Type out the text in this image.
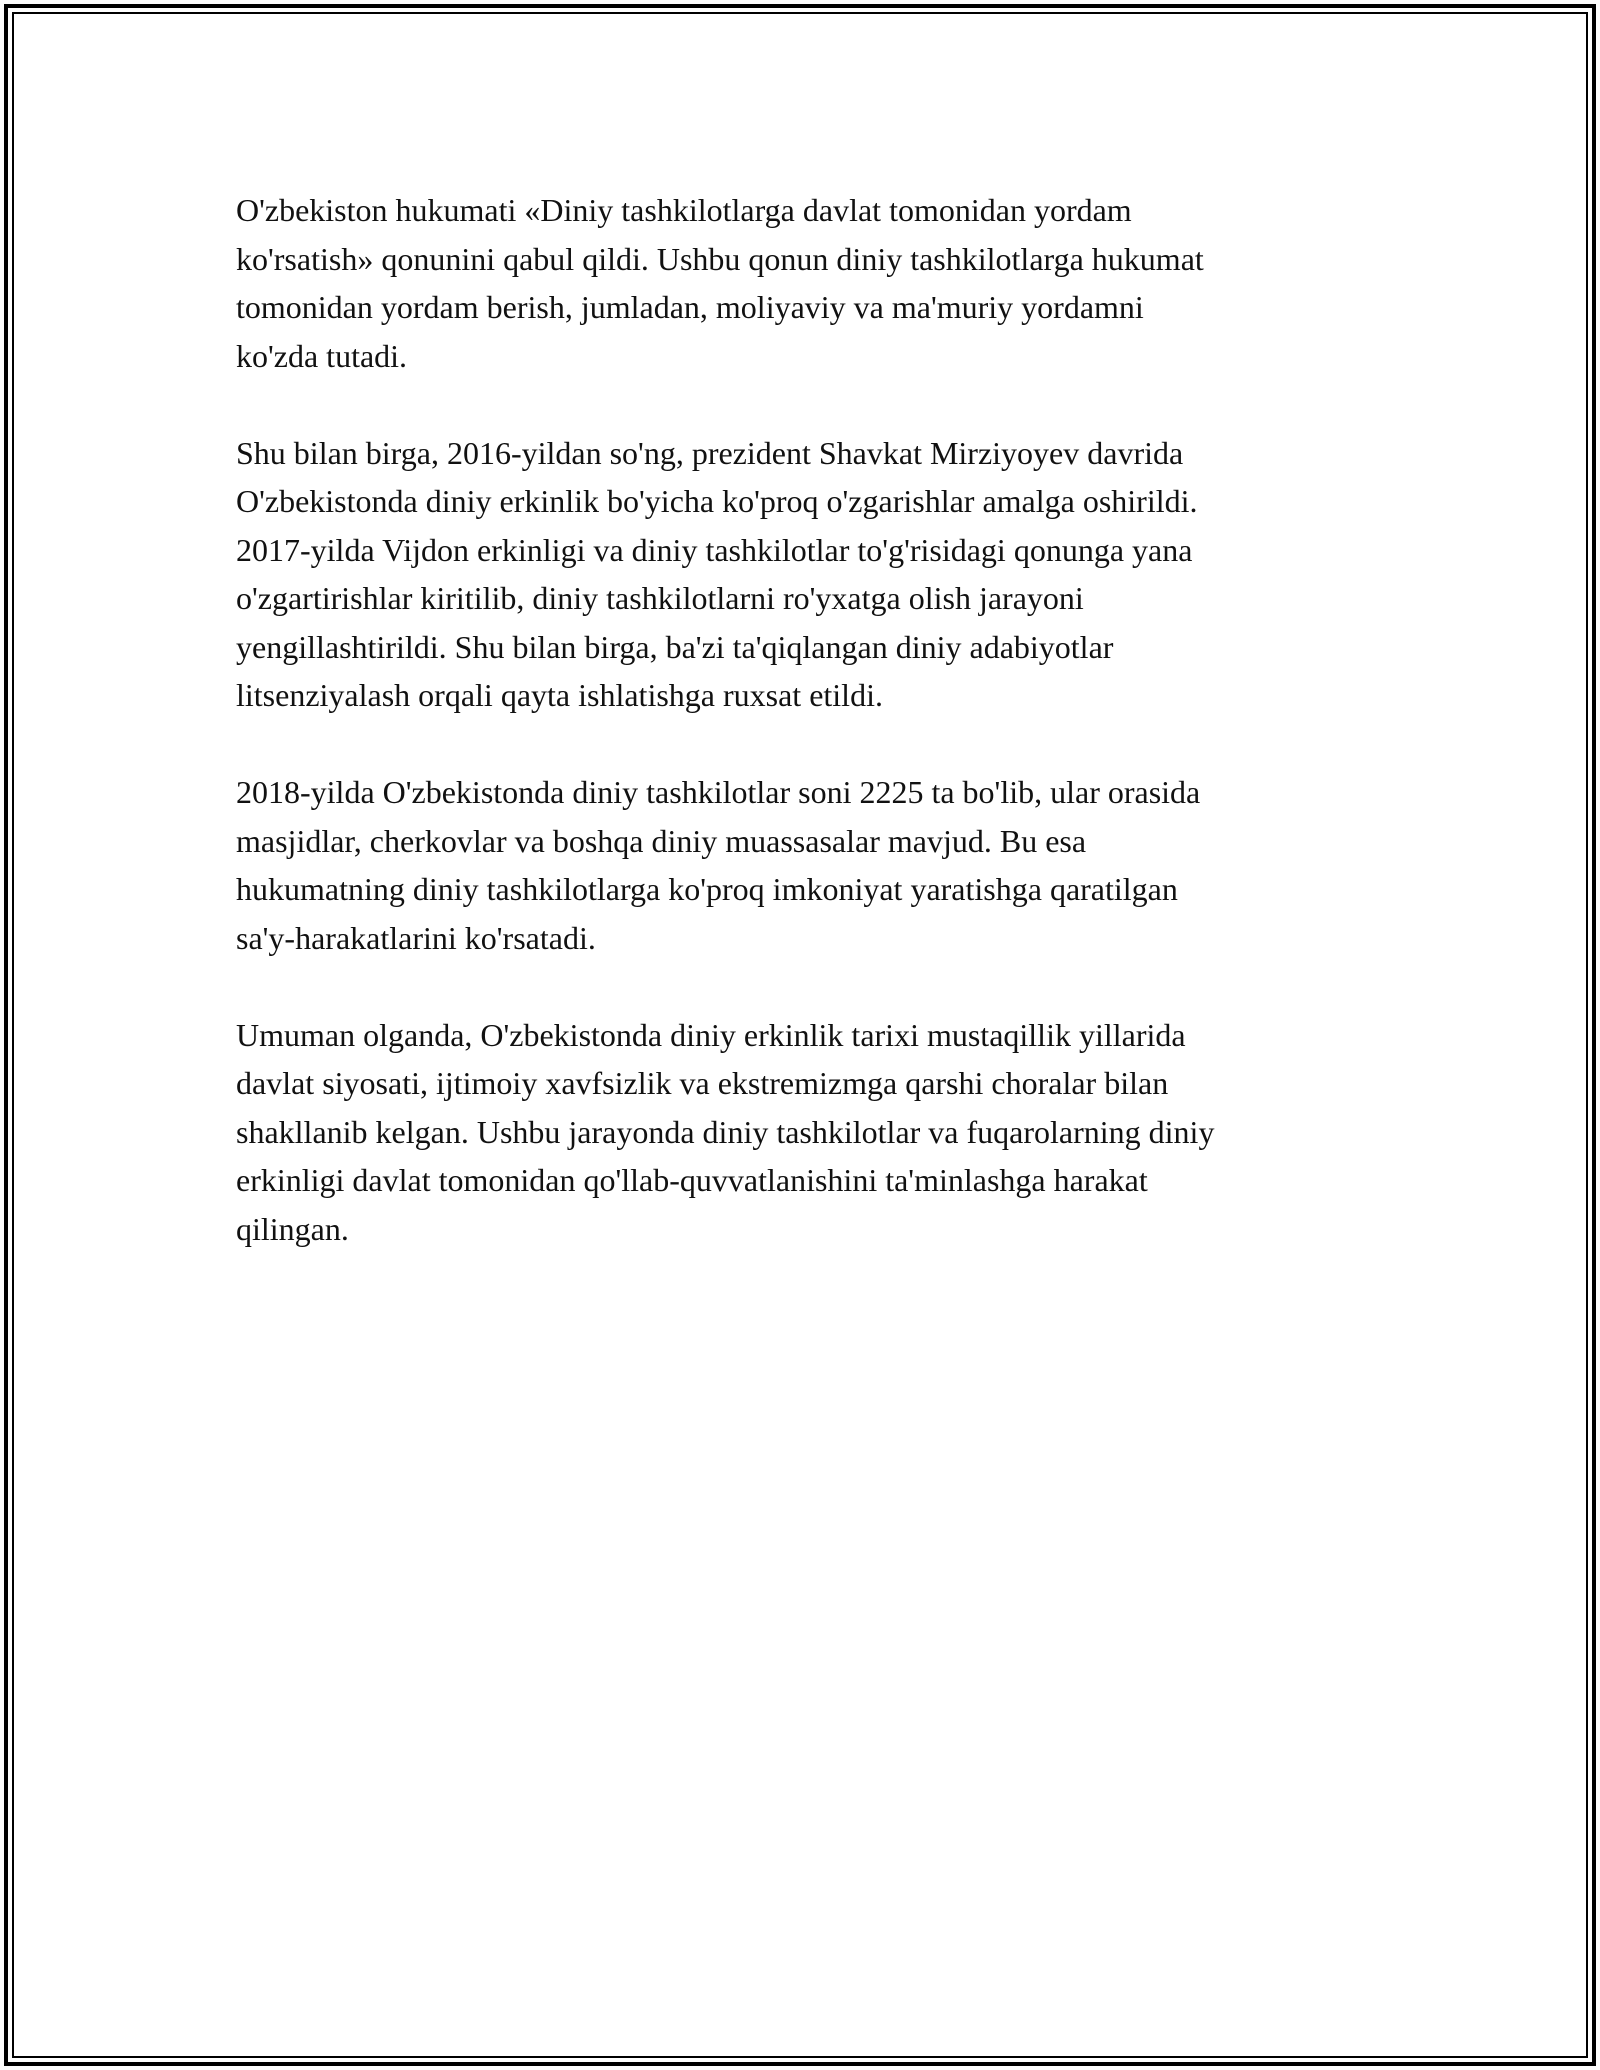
O'zbekiston hukumati «Diniy tashkilotlarga davlat tomonidan yordam
ko'rsatish» qonunini qabul qildi. Ushbu qonun diniy tashkilotlarga hukumat
tomonidan yordam berish, jumladan, moliyaviy va ma'muriy yordamni
ko'zda tutadi.

Shu bilan birga, 2016-yildan so'ng, prezident Shavkat Mirziyoyev davrida
O'zbekistonda diniy erkinlik bo'yicha ko'proq o'zgarishlar amalga oshirildi.
2017-yilda Vijdon erkinligi va diniy tashkilotlar to'g'risidagi qonunga yana
o'zgartirishlar kiritilib, diniy tashkilotlarni ro'yxatga olish jarayoni
yengillashtirildi. Shu bilan birga, ba'zi ta'qiqlangan diniy adabiyotlar
litsenziyalash orqali qayta ishlatishga ruxsat etildi.

2018-yilda O'zbekistonda diniy tashkilotlar soni 2225 ta bo'lib, ular orasida
masjidlar, cherkovlar va boshqa diniy muassasalar mavjud. Bu esa
hukumatning diniy tashkilotlarga ko'proq imkoniyat yaratishga qaratilgan
sa'y-harakatlarini ko'rsatadi.

Umuman olganda, O'zbekistonda diniy erkinlik tarixi mustaqillik yillarida
davlat siyosati, ijtimoiy xavfsizlik va ekstremizmga qarshi choralar bilan
shakllanib kelgan. Ushbu jarayonda diniy tashkilotlar va fuqarolarning diniy
erkinligi davlat tomonidan qo'llab-quvvatlanishini ta'minlashga harakat
qilingan.
